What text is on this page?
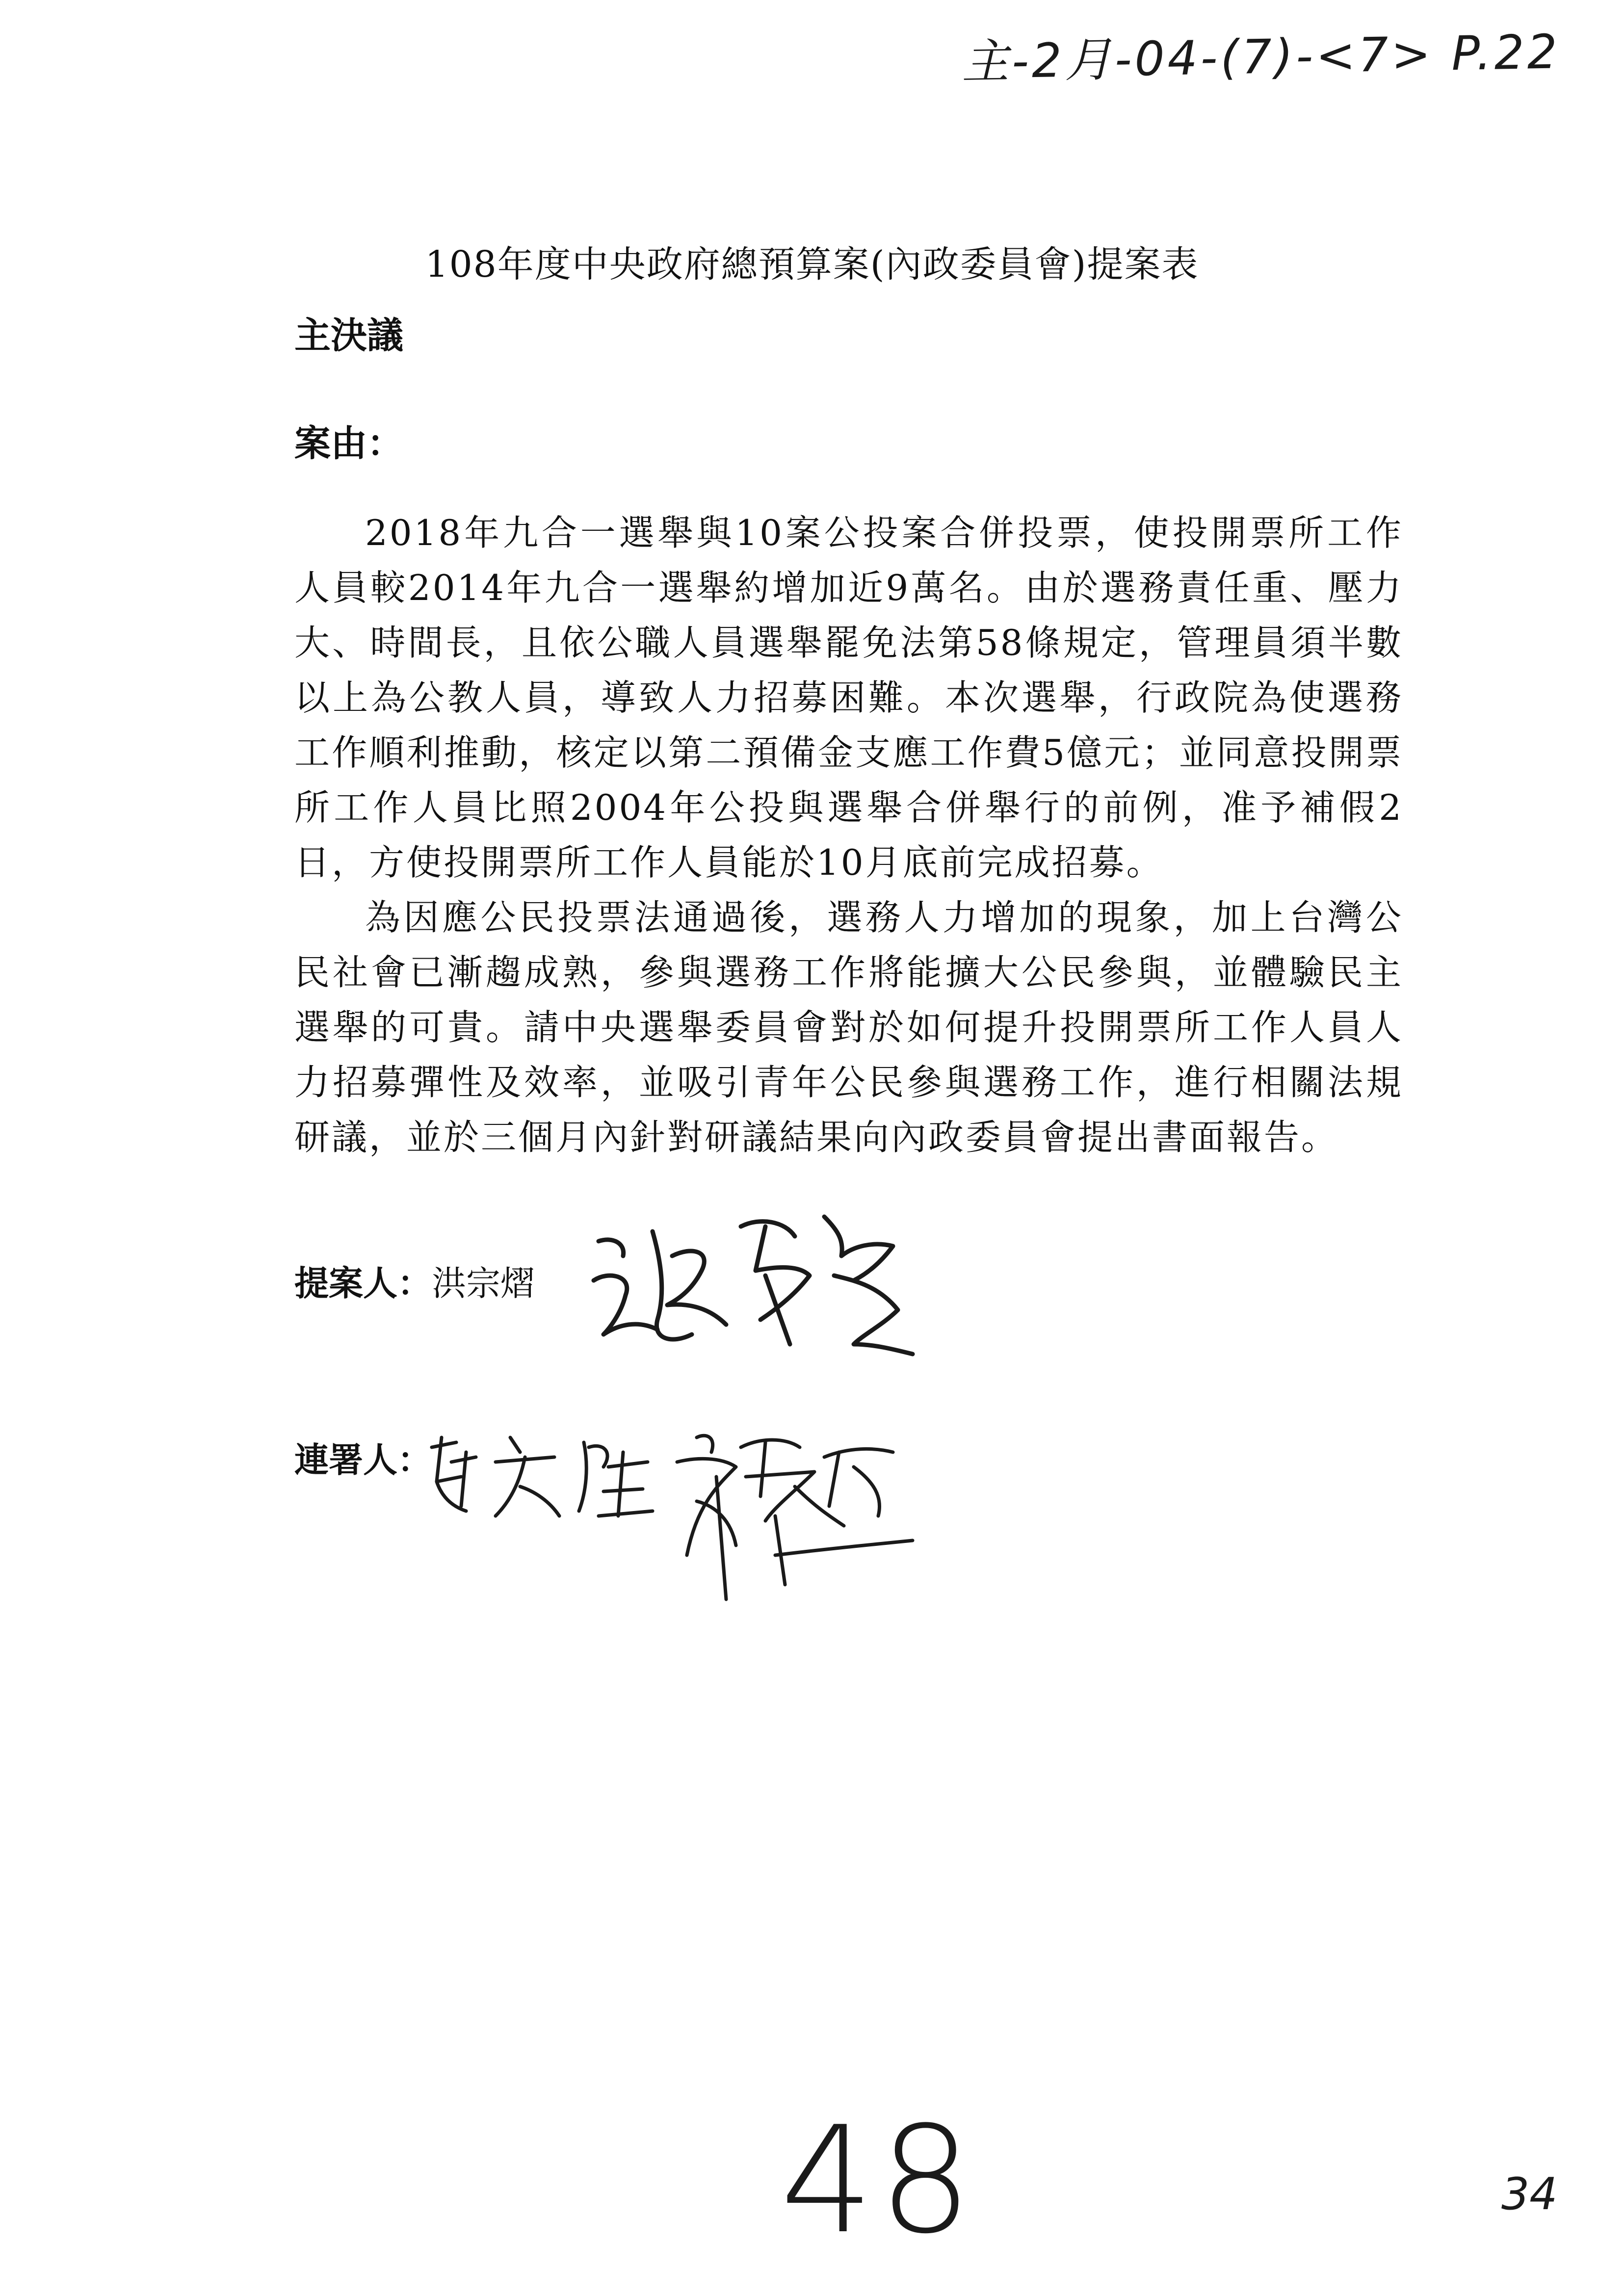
主-2月-04-(7)-<7> P.22
108年度中央政府總預算案(內政委員會)提案表
主決議
案由：

2018年九合一選舉與10案公投案合併投票，使投開票所工作人員較2014年九合一選舉約增加近9萬名。由於選務責任重、壓力大、時間長，且依公職人員選舉罷免法第58條規定，管理員須半數以上為公教人員，導致人力招募困難。本次選舉，行政院為使選務工作順利推動，核定以第二預備金支應工作費5億元；並同意投開票所工作人員比照2004年公投與選舉合併舉行的前例，准予補假2日，方使投開票所工作人員能於10月底前完成招募。

為因應公民投票法通過後，選務人力增加的現象，加上台灣公民社會已漸趨成熟，參與選務工作將能擴大公民參與，並體驗民主選舉的可貴。請中央選舉委員會對於如何提升投開票所工作人員人力招募彈性及效率，並吸引青年公民參與選務工作，進行相關法規研議，並於三個月內針對研議結果向內政委員會提出書面報告。

提案人： 洪宗熠
連署人：
48	34
